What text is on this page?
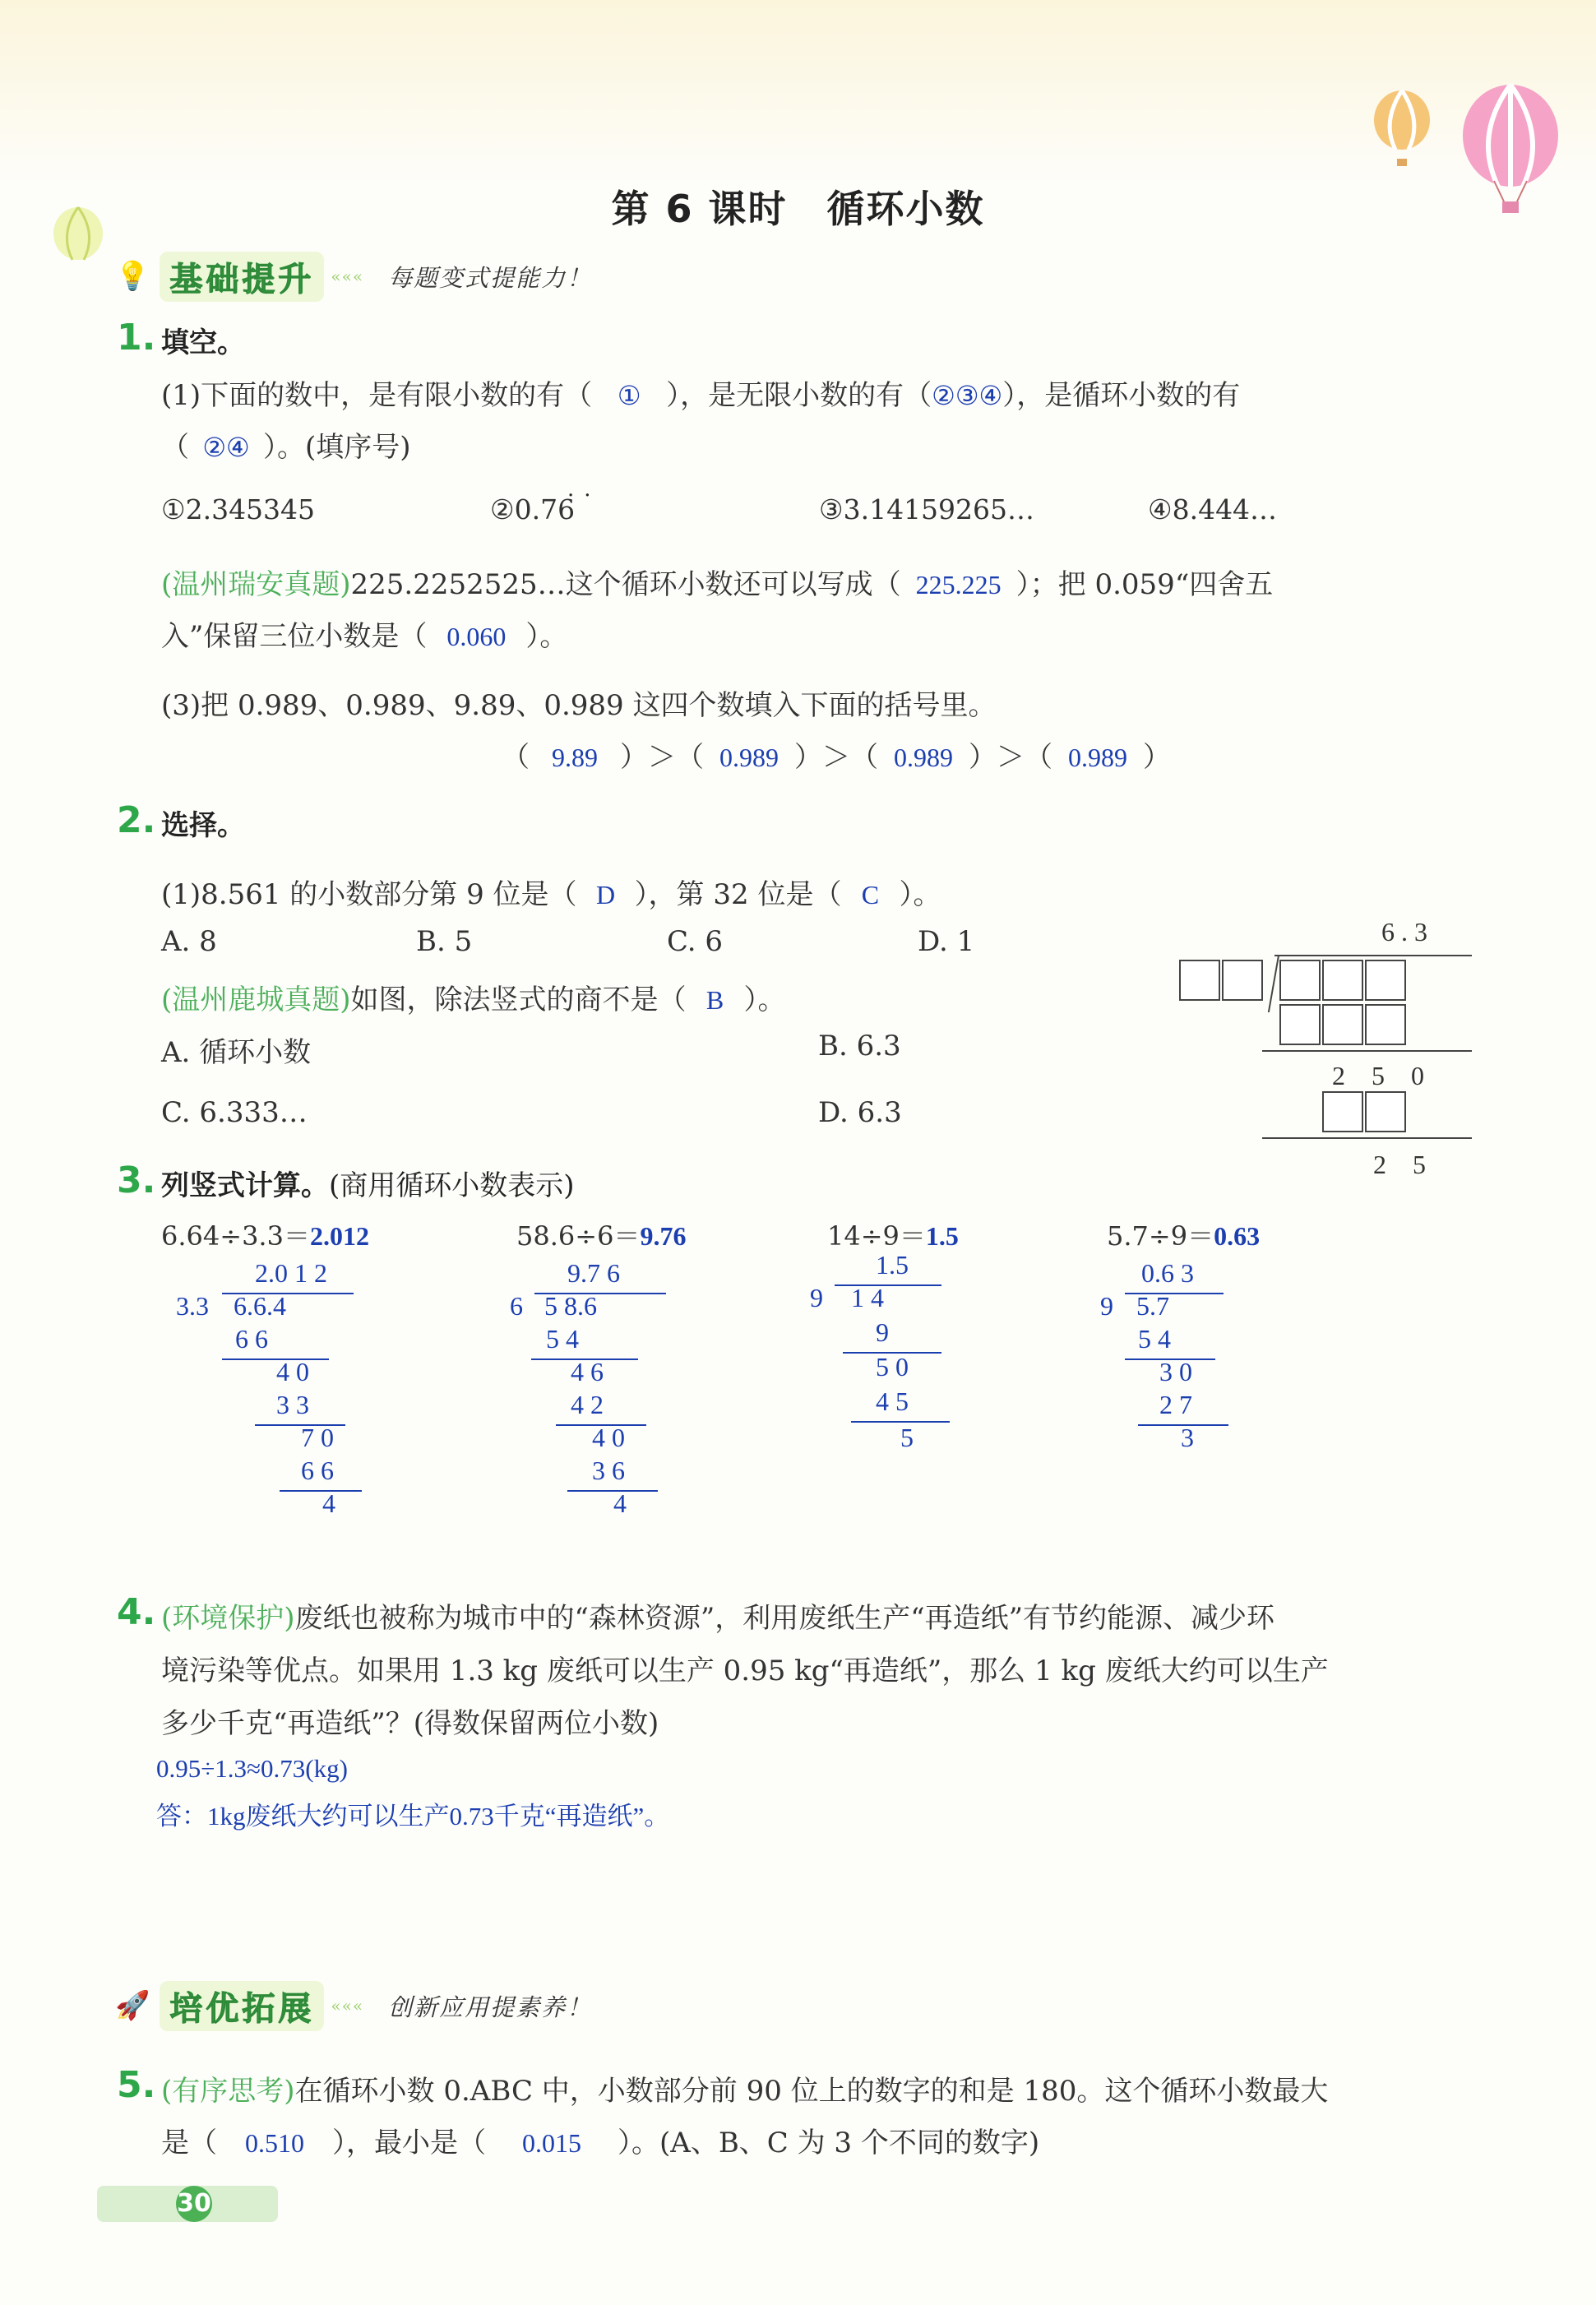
第 6 课时　循环小数
💡 基础提升	««« 每题变式提能力！
1. 填空。
(1)下面的数中，是有限小数的有（ ① ），是无限小数的有（②③④），是循环小数的有
（ ②④ ）。(填序号)
①2.345345	②0.76	③3.14159265…	④8.444…
··
(温州瑞安真题)225.2252525…这个循环小数还可以写成（ 225.225 ）；把 0.059“四舍五
入”保留三位小数是（ 0.060 ）。
(3)把 0.989、0.989、9.89、0.989 这四个数填入下面的括号里。
（ 9.89 ）＞（ 0.989 ）＞（ 0.989 ）＞（ 0.989 ）
2. 选择。
(1)8.561 的小数部分第 9 位是（ D ），第 32 位是（ C ）。
A. 8	B. 5	C. 6	D. 1
(温州鹿城真题)如图，除法竖式的商不是（ B ）。
A. 循环小数	B. 6.3
C. 6.333…	D. 6.3
6 . 3
2　5　0
2　5
3. 列竖式计算。(商用循环小数表示)
6.64÷3.3＝2.012	58.6÷6＝9.76	14÷9＝1.5	5.7÷9＝0.63
2.0 1 2
3.3 6.6.4
6 6
4 0
3 3
7 0
6 6
4
9.7 6
6 5 8.6
5 4
4 6
4 2
4 0
3 6
4
1.5
9 1 4
9
5 0
4 5
5
0.6 3
9 5.7
5 4
3 0
2 7
3
4. (环境保护)废纸也被称为城市中的“森林资源”，利用废纸生产“再造纸”有节约能源、减少环
境污染等优点。如果用 1.3 kg 废纸可以生产 0.95 kg“再造纸”，那么 1 kg 废纸大约可以生产
多少千克“再造纸”？(得数保留两位小数)
0.95÷1.3≈0.73(kg)
答：1kg废纸大约可以生产0.73千克“再造纸”。
🚀 培优拓展	««« 创新应用提素养！
5. (有序思考)在循环小数 0.ABC 中，小数部分前 90 位上的数字的和是 180。这个循环小数最大
是（ 0.510 ），最小是（ 0.015 ）。(A、B、C 为 3 个不同的数字)
30
